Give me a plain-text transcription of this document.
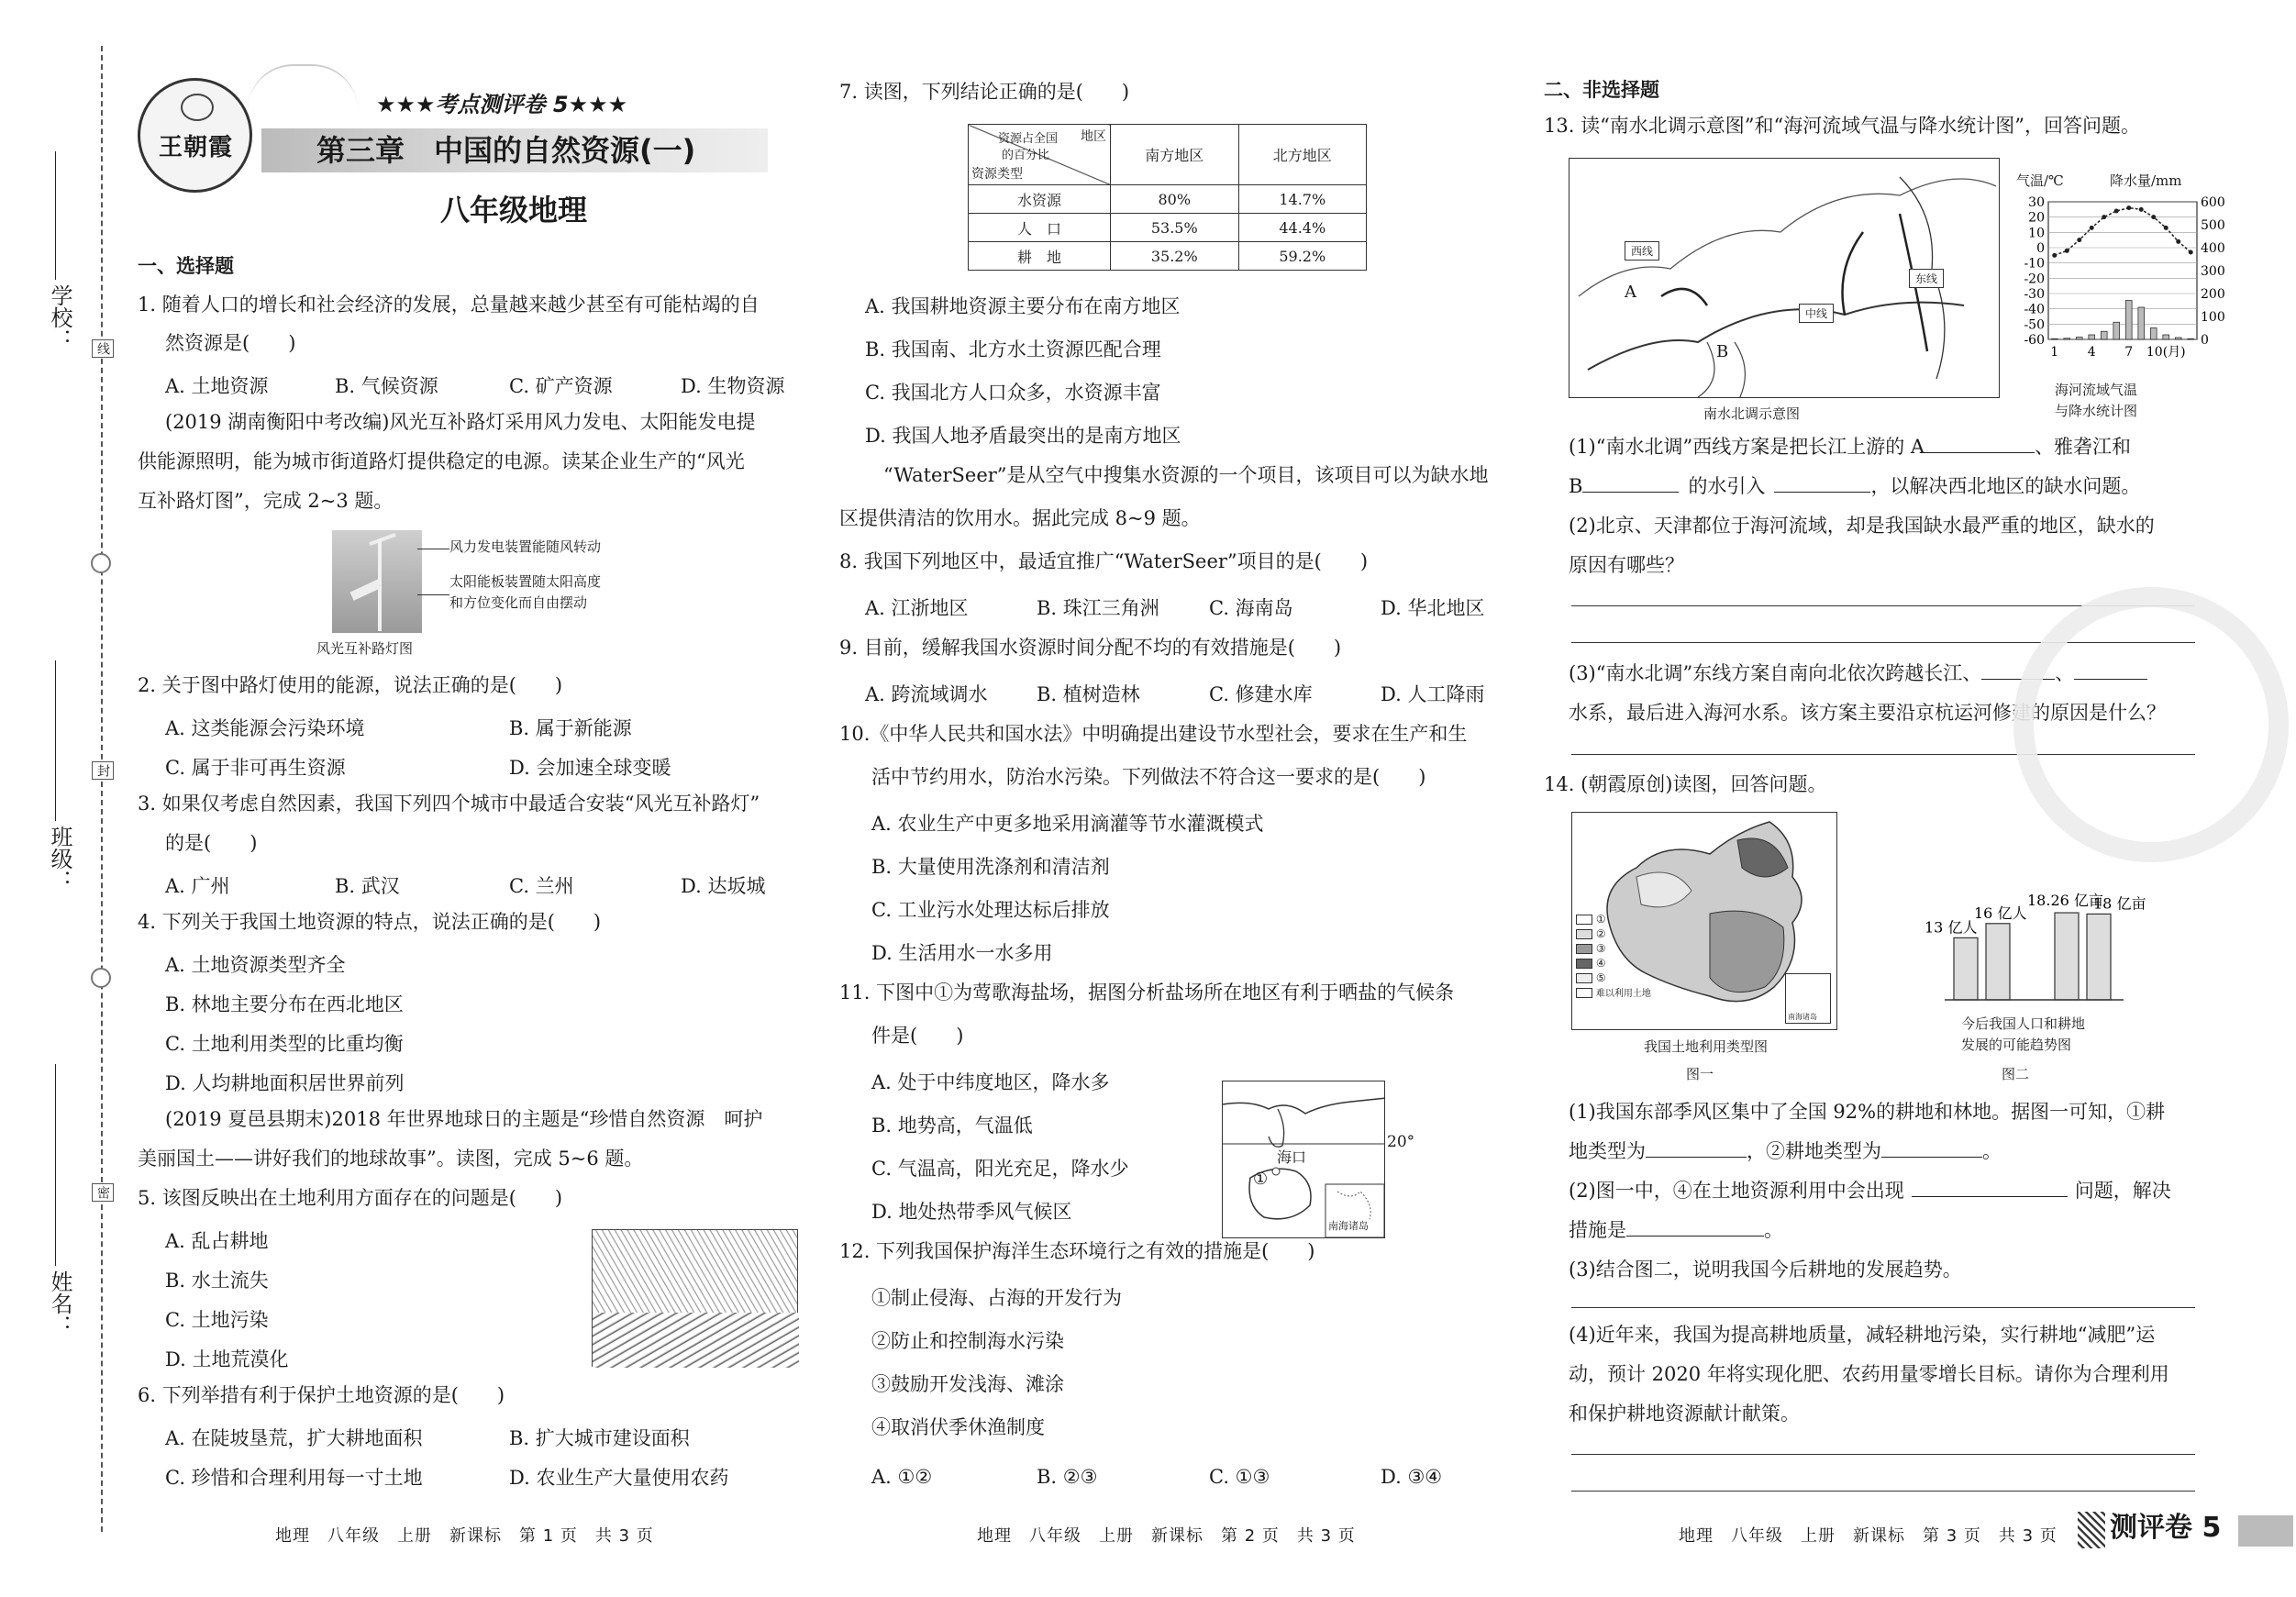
学校：
班级：
姓名：
线
封
密
王朝霞
★★★考点测评卷 5★★★
第三章　中国的自然资源(一)
八年级地理
一、选择题
1. 随着人口的增长和社会经济的发展，总量越来越少甚至有可能枯竭的自
然资源是(　　)
A. 土地资源	B. 气候资源	C. 矿产资源	D. 生物资源
(2019 湖南衡阳中考改编)风光互补路灯采用风力发电、太阳能发电提
供能源照明，能为城市街道路灯提供稳定的电源。读某企业生产的“风光
互补路灯图”，完成 2~3 题。
风力发电装置能随风转动
太阳能板装置随太阳高度
和方位变化而自由摆动
风光互补路灯图
2. 关于图中路灯使用的能源，说法正确的是(　　)
A. 这类能源会污染环境	B. 属于新能源
C. 属于非可再生资源	D. 会加速全球变暖
3. 如果仅考虑自然因素，我国下列四个城市中最适合安装“风光互补路灯”
的是(　　)
A. 广州	B. 武汉	C. 兰州	D. 达坂城
4. 下列关于我国土地资源的特点，说法正确的是(　　)
A. 土地资源类型齐全
B. 林地主要分布在西北地区
C. 土地利用类型的比重均衡
D. 人均耕地面积居世界前列
(2019 夏邑县期末)2018 年世界地球日的主题是“珍惜自然资源　呵护
美丽国土——讲好我们的地球故事”。读图，完成 5~6 题。
5. 该图反映出在土地利用方面存在的问题是(　　)
A. 乱占耕地
B. 水土流失
C. 土地污染
D. 土地荒漠化
6. 下列举措有利于保护土地资源的是(　　)
A. 在陡坡垦荒，扩大耕地面积	B. 扩大城市建设面积
C. 珍惜和合理利用每一寸土地	D. 农业生产大量使用农药
地理　八年级　上册　新课标　第 1 页　共 3 页
7. 读图，下列结论正确的是(　　)
地区
资源占全国
的百分比
资源类型	南方地区	北方地区
水资源	80%	14.7%
人　口	53.5%	44.4%
耕　地	35.2%	59.2%
A. 我国耕地资源主要分布在南方地区
B. 我国南、北方水土资源匹配合理
C. 我国北方人口众多，水资源丰富
D. 我国人地矛盾最突出的是南方地区
“WaterSeer”是从空气中搜集水资源的一个项目，该项目可以为缺水地
区提供清洁的饮用水。据此完成 8~9 题。
8. 我国下列地区中，最适宜推广“WaterSeer”项目的是(　　)
A. 江浙地区	B. 珠江三角洲	C. 海南岛	D. 华北地区
9. 目前，缓解我国水资源时间分配不均的有效措施是(　　)
A. 跨流域调水	B. 植树造林	C. 修建水库	D. 人工降雨
10.《中华人民共和国水法》中明确提出建设节水型社会，要求在生产和生
活中节约用水，防治水污染。下列做法不符合这一要求的是(　　)
A. 农业生产中更多地采用滴灌等节水灌溉模式
B. 大量使用洗涤剂和清洁剂
C. 工业污水处理达标后排放
D. 生活用水一水多用
11. 下图中①为莺歌海盐场，据图分析盐场所在地区有利于晒盐的气候条
件是(　　)
A. 处于中纬度地区，降水多
B. 地势高，气温低
C. 气温高，阳光充足，降水少
D. 地处热带季风气候区
20°
海口
①
南海诸岛
12. 下列我国保护海洋生态环境行之有效的措施是(　　)
①制止侵海、占海的开发行为
②防止和控制海水污染
③鼓励开发浅海、滩涂
④取消伏季休渔制度
A. ①②	B. ②③	C. ①③	D. ③④
地理　八年级　上册　新课标　第 2 页　共 3 页
二、非选择题
13. 读“南水北调示意图”和“海河流域气温与降水统计图”，回答问题。
西线
中线
东线
A
B
南水北调示意图
气温/℃	降水量/mm
30
20
10
0
-10
-20
-30
-40
-50
-60
600
500
400
300
200
100
0
1 4 7 10(月)
海河流域气温
与降水统计图
(1)“南水北调”西线方案是把长江上游的 A	、雅砻江和
B	的水引入	，以解决西北地区的缺水问题。
(2)北京、天津都位于海河流域，却是我国缺水最严重的地区，缺水的
原因有哪些？
(3)“南水北调”东线方案自南向北依次跨越长江、	、
水系，最后进入海河水系。该方案主要沿京杭运河修建的原因是什么？
14. (朝霞原创)读图，回答问题。
①
②
③
④
⑤
难以利用土地
南海诸岛
我国土地利用类型图
图一
13 亿人
16 亿人
18.26 亿亩
18 亿亩
今后我国人口和耕地
发展的可能趋势图
图二
(1)我国东部季风区集中了全国 92%的耕地和林地。据图一可知，①耕
地类型为	，②耕地类型为	。
(2)图一中，④在土地资源利用中会出现	问题，解决
措施是	。
(3)结合图二，说明我国今后耕地的发展趋势。
(4)近年来，我国为提高耕地质量，减轻耕地污染，实行耕地“减肥”运
动，预计 2020 年将实现化肥、农药用量零增长目标。请你为合理利用
和保护耕地资源献计献策。
地理　八年级　上册　新课标　第 3 页　共 3 页 测评卷 5
